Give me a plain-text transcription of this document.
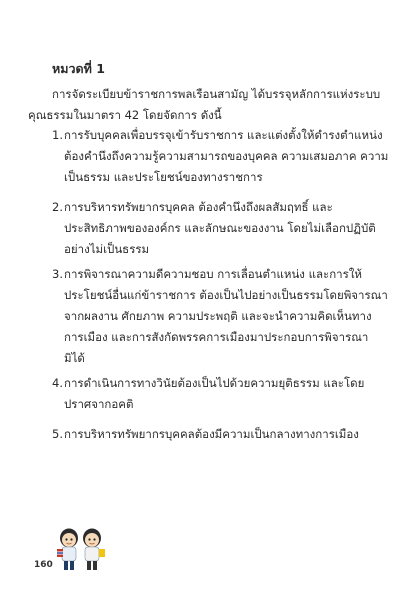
หมวดที่ 1
การจัดระเบียบข้าราชการพลเรือนสามัญ ได้บรรจุหลักการแห่งระบบ
คุณธรรมในมาตรา 42 โดยจัดการ ดังนี้
1. การรับบุคคลเพื่อบรรจุเข้ารับราชการ และแต่งตั้งให้ดำรงตำแหน่ง
ต้องคำนึงถึงความรู้ความสามารถของบุคคล ความเสมอภาค ความ
เป็นธรรม และประโยชน์ของทางราชการ
2. การบริหารทรัพยากรบุคคล ต้องคำนึงถึงผลสัมฤทธิ์ และ
ประสิทธิภาพขององค์กร และลักษณะของงาน โดยไม่เลือกปฏิบัติ
อย่างไม่เป็นธรรม
3. การพิจารณาความดีความชอบ การเลื่อนตำแหน่ง และการให้
ประโยชน์อื่นแก่ข้าราชการ ต้องเป็นไปอย่างเป็นธรรมโดยพิจารณา
จากผลงาน ศักยภาพ ความประพฤติ และจะนำความคิดเห็นทาง
การเมือง และการสังกัดพรรคการเมืองมาประกอบการพิจารณา
มิได้
4. การดำเนินการทางวินัยต้องเป็นไปด้วยความยุติธรรม และโดย
ปราศจากอคติ
5. การบริหารทรัพยากรบุคคลต้องมีความเป็นกลางทางการเมือง
160
